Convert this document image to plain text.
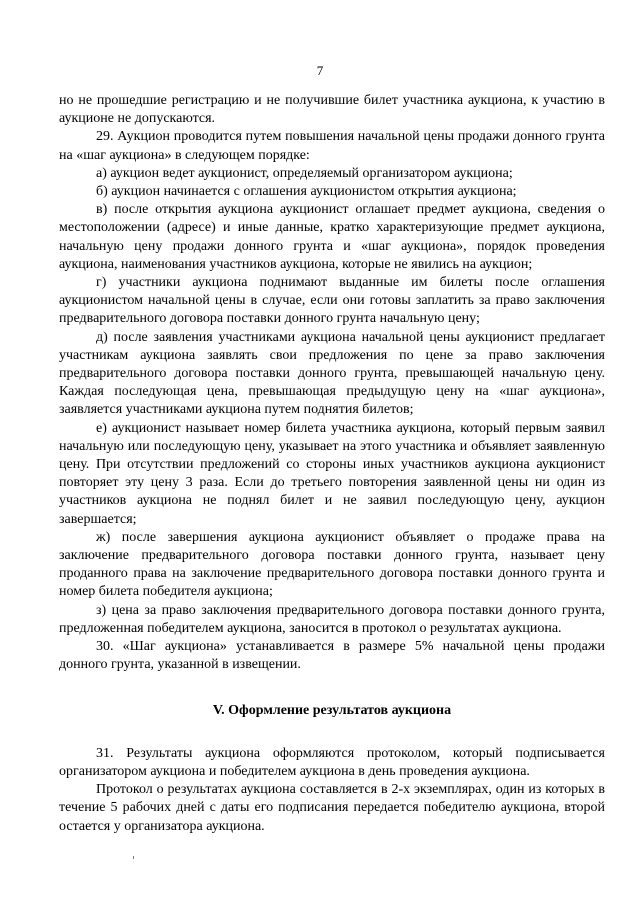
7

но не прошедшие регистрацию и не получившие билет участника аукциона, к участию в аукционе не допускаются.

29. Аукцион проводится путем повышения начальной цены продажи донного грунта на «шаг аукциона» в следующем порядке:

а) аукцион ведет аукционист, определяемый организатором аукциона;

б) аукцион начинается с оглашения аукционистом открытия аукциона;

в) после открытия аукциона аукционист оглашает предмет аукциона, сведения о местоположении (адресе) и иные данные, кратко характеризующие предмет аукциона, начальную цену продажи донного грунта и «шаг аукциона», порядок проведения аукциона, наименования участников аукциона, которые не явились на аукцион;

г) участники аукциона поднимают выданные им билеты после оглашения аукционистом начальной цены в случае, если они готовы заплатить за право заключения предварительного договора поставки донного грунта начальную цену;

д) после заявления участниками аукциона начальной цены аукционист предлагает участникам аукциона заявлять свои предложения по цене за право заключения предварительного договора поставки донного грунта, превышающей начальную цену. Каждая последующая цена, превышающая предыдущую цену на «шаг аукциона», заявляется участниками аукциона путем поднятия билетов;

е) аукционист называет номер билета участника аукциона, который первым заявил начальную или последующую цену, указывает на этого участника и объявляет заявленную цену. При отсутствии предложений со стороны иных участников аукциона аукционист повторяет эту цену 3 раза. Если до третьего повторения заявленной цены ни один из участников аукциона не поднял билет и не заявил последующую цену, аукцион завершается;

ж) после завершения аукциона аукционист объявляет о продаже права на заключение предварительного договора поставки донного грунта, называет цену проданного права на заключение предварительного договора поставки донного грунта и номер билета победителя аукциона;

з) цена за право заключения предварительного договора поставки донного грунта, предложенная победителем аукциона, заносится в протокол о результатах аукциона.

30. «Шаг аукциона» устанавливается в размере 5% начальной цены продажи донного грунта, указанной в извещении.

V. Оформление результатов аукциона

31. Результаты аукциона оформляются протоколом, который подписывается организатором аукциона и победителем аукциона в день проведения аукциона.

Протокол о результатах аукциона составляется в 2-х экземплярах, один из которых в течение 5 рабочих дней с даты его подписания передается победителю аукциона, второй остается у организатора аукциона.
